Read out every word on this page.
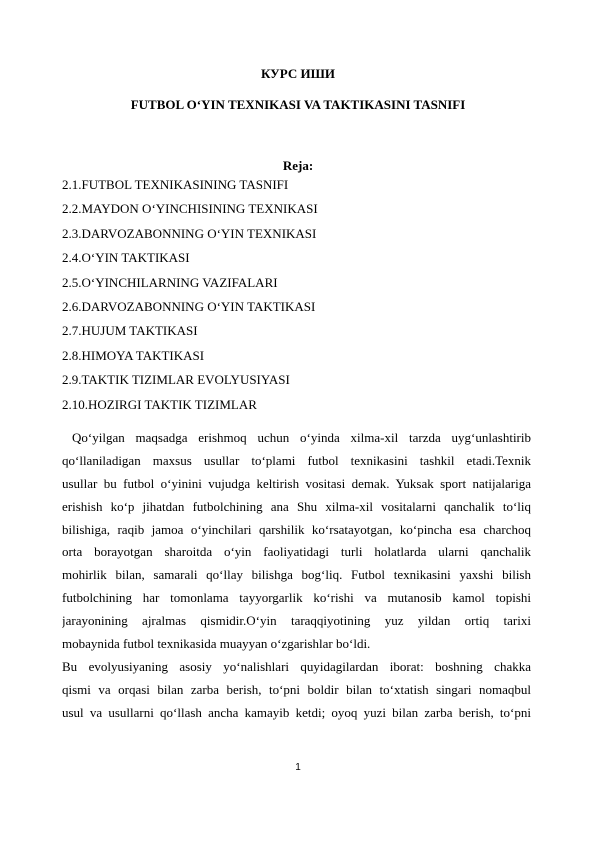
КУРС ИШИ
FUTBOL O‘YIN TEXNIKASI VA TAKTIKASINI TASNIFI
Reja:
2.1.FUTBOL TEXNIKASINING TASNIFI
2.2.MAYDON O‘YINCHISINING TEXNIKASI
2.3.DARVOZABONNING O‘YIN TEXNIKASI
2.4.O‘YIN TAKTIKASI
2.5.O‘YINCHILARNING VAZIFALARI
2.6.DARVOZABONNING O‘YIN TAKTIKASI
2.7.HUJUM TAKTIKASI
2.8.HIMOYA TAKTIKASI
2.9.TAKTIK TIZIMLAR EVOLYUSIYASI
2.10.HOZIRGI TAKTIK TIZIMLAR
Qo‘yilgan maqsadga erishmoq uchun o‘yinda xilma-xil tarzda uyg‘unlashtirib
qo‘llaniladigan maxsus usullar to‘plami futbol texnikasini tashkil etadi.Texnik
usullar bu futbol o‘yinini vujudga keltirish vositasi demak. Yuksak sport natijalariga
erishish ko‘p jihatdan futbolchining ana Shu xilma-xil vositalarni qanchalik to‘liq
bilishiga, raqib jamoa o‘yinchilari qarshilik ko‘rsatayotgan, ko‘pincha esa charchoq
orta borayotgan sharoitda o‘yin faoliyatidagi turli holatlarda ularni qanchalik
mohirlik bilan, samarali qo‘llay bilishga bog‘liq. Futbol texnikasini yaxshi bilish
futbolchining har tomonlama tayyorgarlik ko‘rishi va mutanosib kamol topishi
jarayonining ajralmas qismidir.O‘yin taraqqiyotining yuz yildan ortiq tarixi
mobaynida futbol texnikasida muayyan o‘zgarishlar bo‘ldi.
Bu evolyusiyaning asosiy yo‘nalishlari quyidagilardan iborat: boshning chakka
qismi va orqasi bilan zarba berish, to‘pni boldir bilan to‘xtatish singari nomaqbul
usul va usullarni qo‘llash ancha kamayib ketdi; oyoq yuzi bilan zarba berish, to‘pni
1
